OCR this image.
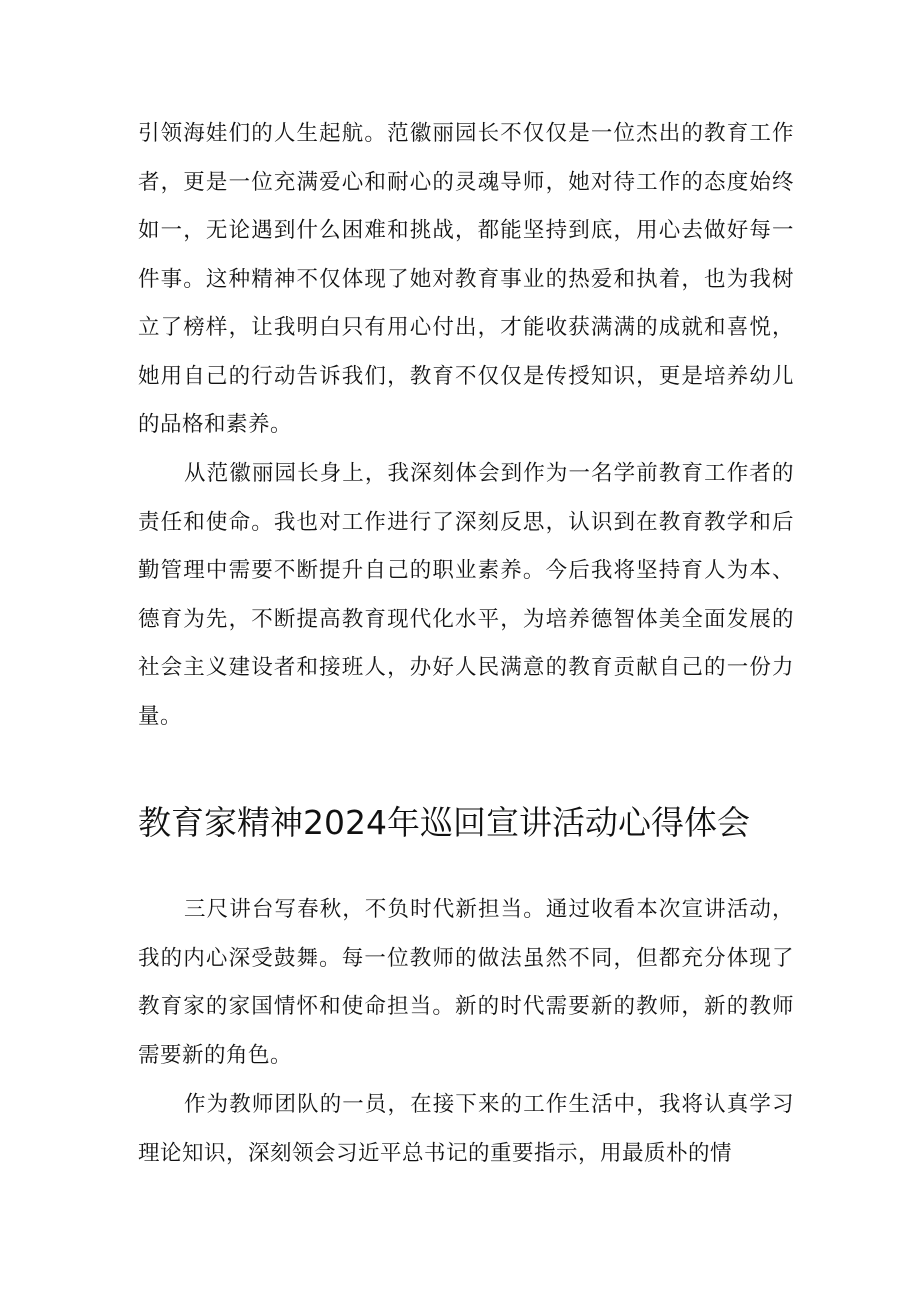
引领海娃们的人生起航。范徽丽园长不仅仅是一位杰出的教育工作者，更是一位充满爱心和耐心的灵魂导师，她对待工作的态度始终如一，无论遇到什么困难和挑战，都能坚持到底，用心去做好每一件事。这种精神不仅体现了她对教育事业的热爱和执着，也为我树立了榜样，让我明白只有用心付出，才能收获满满的成就和喜悦，她用自己的行动告诉我们，教育不仅仅是传授知识，更是培养幼儿的品格和素养。

从范徽丽园长身上，我深刻体会到作为一名学前教育工作者的责任和使命。我也对工作进行了深刻反思，认识到在教育教学和后勤管理中需要不断提升自己的职业素养。今后我将坚持育人为本、德育为先，不断提高教育现代化水平，为培养德智体美全面发展的社会主义建设者和接班人，办好人民满意的教育贡献自己的一份力量。

教育家精神2024年巡回宣讲活动心得体会

三尺讲台写春秋，不负时代新担当。通过收看本次宣讲活动，我的内心深受鼓舞。每一位教师的做法虽然不同，但都充分体现了教育家的家国情怀和使命担当。新的时代需要新的教师，新的教师需要新的角色。

作为教师团队的一员，在接下来的工作生活中，我将认真学习理论知识，深刻领会习近平总书记的重要指示，用最质朴的情
